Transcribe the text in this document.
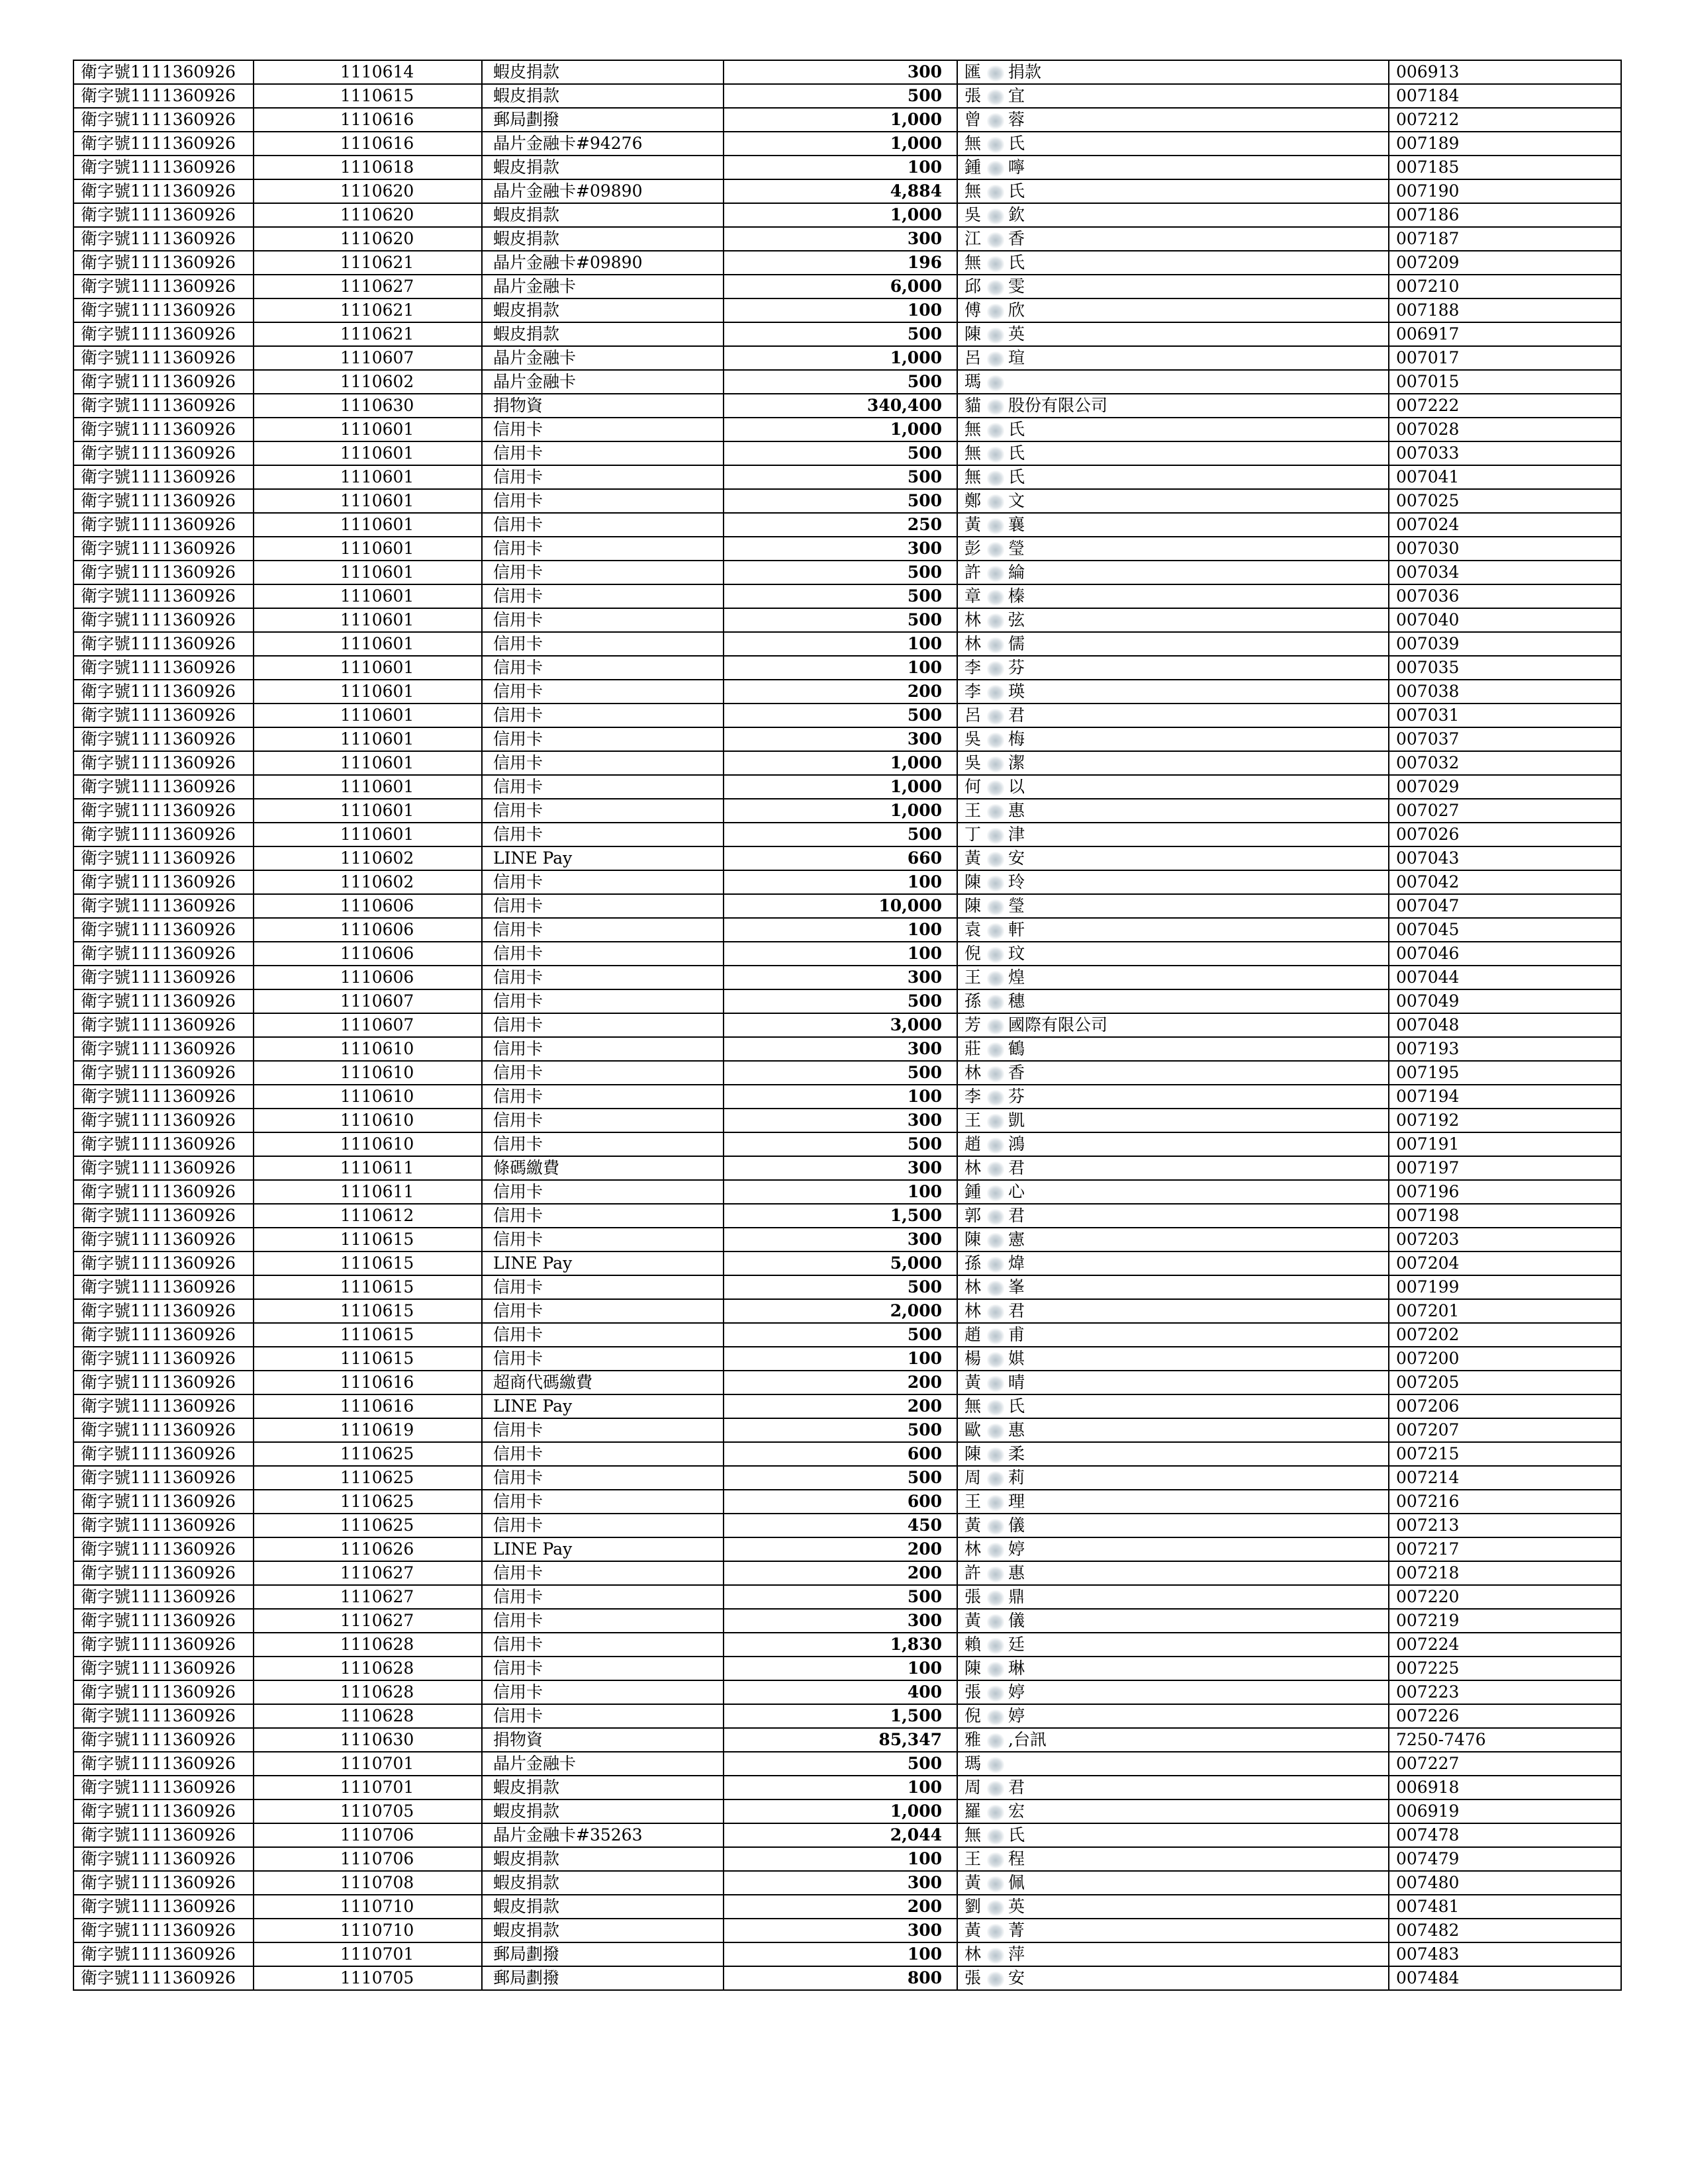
衛字號1111360926	1110614	蝦皮捐款	300	匯 捐款	006913
衛字號1111360926	1110615	蝦皮捐款	500	張 宜	007184
衛字號1111360926	1110616	郵局劃撥	1,000	曾 蓉	007212
衛字號1111360926	1110616	晶片金融卡#94276	1,000	無 氏	007189
衛字號1111360926	1110618	蝦皮捐款	100	鍾 嚀	007185
衛字號1111360926	1110620	晶片金融卡#09890	4,884	無 氏	007190
衛字號1111360926	1110620	蝦皮捐款	1,000	吳 欽	007186
衛字號1111360926	1110620	蝦皮捐款	300	江 香	007187
衛字號1111360926	1110621	晶片金融卡#09890	196	無 氏	007209
衛字號1111360926	1110627	晶片金融卡	6,000	邱 雯	007210
衛字號1111360926	1110621	蝦皮捐款	100	傅 欣	007188
衛字號1111360926	1110621	蝦皮捐款	500	陳 英	006917
衛字號1111360926	1110607	晶片金融卡	1,000	呂 瑄	007017
衛字號1111360926	1110602	晶片金融卡	500	瑪	007015
衛字號1111360926	1110630	捐物資	340,400	貓 股份有限公司	007222
衛字號1111360926	1110601	信用卡	1,000	無 氏	007028
衛字號1111360926	1110601	信用卡	500	無 氏	007033
衛字號1111360926	1110601	信用卡	500	無 氏	007041
衛字號1111360926	1110601	信用卡	500	鄭 文	007025
衛字號1111360926	1110601	信用卡	250	黃 襄	007024
衛字號1111360926	1110601	信用卡	300	彭 瑩	007030
衛字號1111360926	1110601	信用卡	500	許 綸	007034
衛字號1111360926	1110601	信用卡	500	章 榛	007036
衛字號1111360926	1110601	信用卡	500	林 弦	007040
衛字號1111360926	1110601	信用卡	100	林 儒	007039
衛字號1111360926	1110601	信用卡	100	李 芬	007035
衛字號1111360926	1110601	信用卡	200	李 瑛	007038
衛字號1111360926	1110601	信用卡	500	呂 君	007031
衛字號1111360926	1110601	信用卡	300	吳 梅	007037
衛字號1111360926	1110601	信用卡	1,000	吳 潔	007032
衛字號1111360926	1110601	信用卡	1,000	何 以	007029
衛字號1111360926	1110601	信用卡	1,000	王 惠	007027
衛字號1111360926	1110601	信用卡	500	丁 津	007026
衛字號1111360926	1110602	LINE Pay	660	黃 安	007043
衛字號1111360926	1110602	信用卡	100	陳 玲	007042
衛字號1111360926	1110606	信用卡	10,000	陳 瑩	007047
衛字號1111360926	1110606	信用卡	100	袁 軒	007045
衛字號1111360926	1110606	信用卡	100	倪 玟	007046
衛字號1111360926	1110606	信用卡	300	王 煌	007044
衛字號1111360926	1110607	信用卡	500	孫 穗	007049
衛字號1111360926	1110607	信用卡	3,000	芳 國際有限公司	007048
衛字號1111360926	1110610	信用卡	300	莊 鶴	007193
衛字號1111360926	1110610	信用卡	500	林 香	007195
衛字號1111360926	1110610	信用卡	100	李 芬	007194
衛字號1111360926	1110610	信用卡	300	王 凱	007192
衛字號1111360926	1110610	信用卡	500	趙 鴻	007191
衛字號1111360926	1110611	條碼繳費	300	林 君	007197
衛字號1111360926	1110611	信用卡	100	鍾 心	007196
衛字號1111360926	1110612	信用卡	1,500	郭 君	007198
衛字號1111360926	1110615	信用卡	300	陳 憲	007203
衛字號1111360926	1110615	LINE Pay	5,000	孫 煒	007204
衛字號1111360926	1110615	信用卡	500	林 峯	007199
衛字號1111360926	1110615	信用卡	2,000	林 君	007201
衛字號1111360926	1110615	信用卡	500	趙 甫	007202
衛字號1111360926	1110615	信用卡	100	楊 娸	007200
衛字號1111360926	1110616	超商代碼繳費	200	黃 晴	007205
衛字號1111360926	1110616	LINE Pay	200	無 氏	007206
衛字號1111360926	1110619	信用卡	500	歐 惠	007207
衛字號1111360926	1110625	信用卡	600	陳 柔	007215
衛字號1111360926	1110625	信用卡	500	周 莉	007214
衛字號1111360926	1110625	信用卡	600	王 理	007216
衛字號1111360926	1110625	信用卡	450	黃 儀	007213
衛字號1111360926	1110626	LINE Pay	200	林 婷	007217
衛字號1111360926	1110627	信用卡	200	許 惠	007218
衛字號1111360926	1110627	信用卡	500	張 鼎	007220
衛字號1111360926	1110627	信用卡	300	黃 儀	007219
衛字號1111360926	1110628	信用卡	1,830	賴 廷	007224
衛字號1111360926	1110628	信用卡	100	陳 琳	007225
衛字號1111360926	1110628	信用卡	400	張 婷	007223
衛字號1111360926	1110628	信用卡	1,500	倪 婷	007226
衛字號1111360926	1110630	捐物資	85,347	雅 ,台訊	7250-7476
衛字號1111360926	1110701	晶片金融卡	500	瑪	007227
衛字號1111360926	1110701	蝦皮捐款	100	周 君	006918
衛字號1111360926	1110705	蝦皮捐款	1,000	羅 宏	006919
衛字號1111360926	1110706	晶片金融卡#35263	2,044	無 氏	007478
衛字號1111360926	1110706	蝦皮捐款	100	王 程	007479
衛字號1111360926	1110708	蝦皮捐款	300	黃 佩	007480
衛字號1111360926	1110710	蝦皮捐款	200	劉 英	007481
衛字號1111360926	1110710	蝦皮捐款	300	黃 菁	007482
衛字號1111360926	1110701	郵局劃撥	100	林 萍	007483
衛字號1111360926	1110705	郵局劃撥	800	張 安	007484
